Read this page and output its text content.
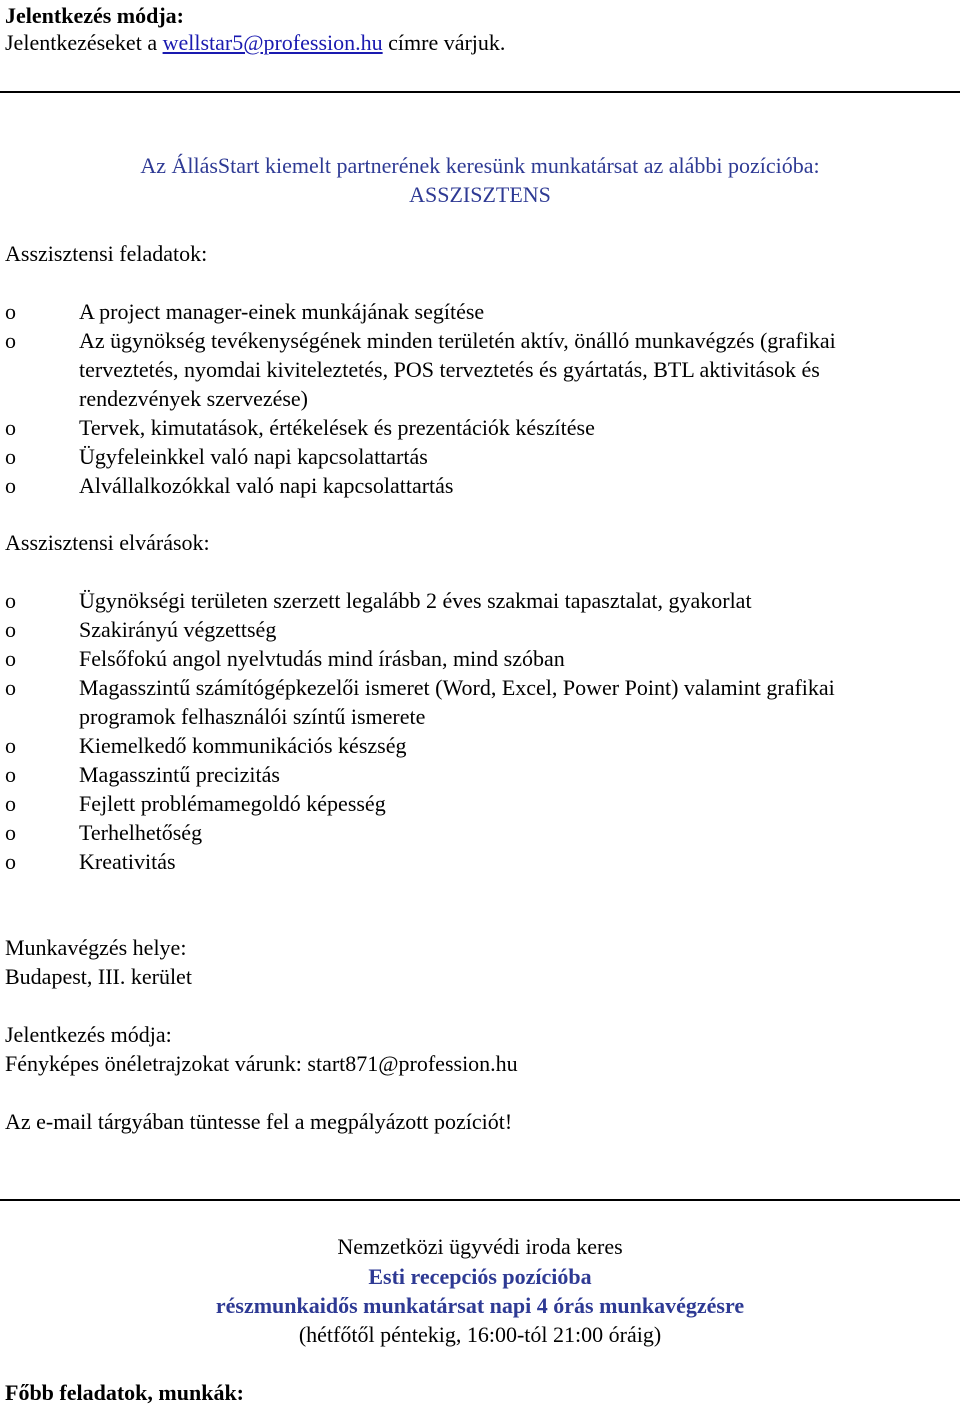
Jelentkezés módja:
Jelentkezéseket a wellstar5@profession.hu címre várjuk.
Az ÁllásStart kiemelt partnerének keresünk munkatársat az alábbi pozícióba:
ASSZISZTENS
Asszisztensi feladatok:
o	A project manager-einek munkájának segítése
o	Az ügynökség tevékenységének minden területén aktív, önálló munkavégzés (grafikai
terveztetés, nyomdai kiviteleztetés, POS terveztetés és gyártatás, BTL aktivitások és
rendezvények szervezése)
o	Tervek, kimutatások, értékelések és prezentációk készítése
o	Ügyfeleinkkel való napi kapcsolattartás
o	Alvállalkozókkal való napi kapcsolattartás
Asszisztensi elvárások:
o	Ügynökségi területen szerzett legalább 2 éves szakmai tapasztalat, gyakorlat
o	Szakirányú végzettség
o	Felsőfokú angol nyelvtudás mind írásban, mind szóban
o	Magasszintű számítógépkezelői ismeret (Word, Excel, Power Point) valamint grafikai
programok felhasználói színtű ismerete
o	Kiemelkedő kommunikációs készség
o	Magasszintű precizitás
o	Fejlett problémamegoldó képesség
o	Terhelhetőség
o	Kreativitás
Munkavégzés helye:
Budapest, III. kerület
Jelentkezés módja:
Fényképes önéletrajzokat várunk: start871@profession.hu
Az e-mail tárgyában tüntesse fel a megpályázott pozíciót!
Nemzetközi ügyvédi iroda keres
Esti recepciós pozícióba
részmunkaidős munkatársat napi 4 órás munkavégzésre
(hétfőtől péntekig, 16:00-tól 21:00 óráig)
Főbb feladatok, munkák:
